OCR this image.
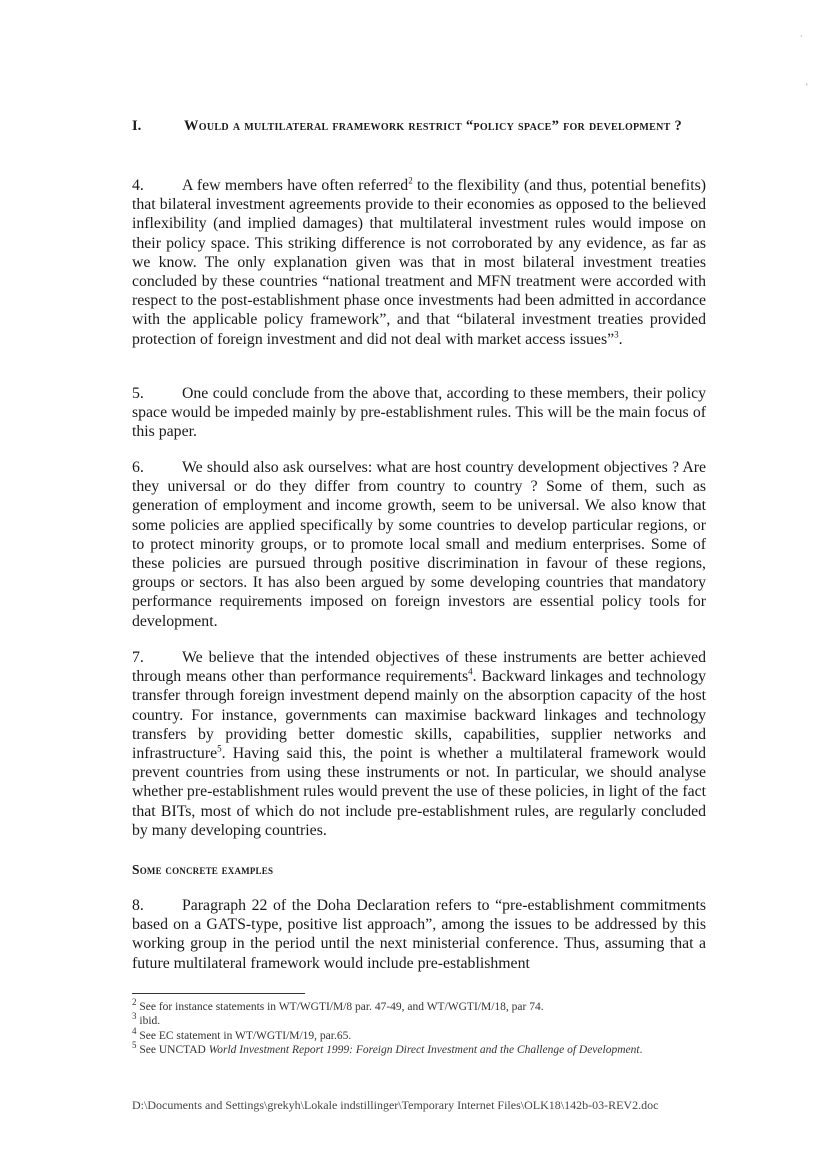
`
'
I.	Would a multilateral framework restrict “policy space” for development ?

4. A few members have often referred$^2$ to the flexibility (and thus, potential benefits) that bilateral investment agreements provide to their economies as opposed to the believed inflexibility (and implied damages) that multilateral investment rules would impose on their policy space. This striking difference is not corroborated by any evidence, as far as we know. The only explanation given was that in most bilateral investment treaties concluded by these countries “national treatment and MFN treatment were accorded with respect to the post-establishment phase once investments had been admitted in accordance with the applicable policy framework”, and that “bilateral investment treaties provided protection of foreign investment and did not deal with market access issues”$^3$.

5. One could conclude from the above that, according to these members, their policy space would be impeded mainly by pre-establishment rules. This will be the main focus of this paper.

6. We should also ask ourselves: what are host country development objectives ? Are they universal or do they differ from country to country ? Some of them, such as generation of employment and income growth, seem to be universal. We also know that some policies are applied specifically by some countries to develop particular regions, or to protect minority groups, or to promote local small and medium enterprises. Some of these policies are pursued through positive discrimination in favour of these regions, groups or sectors. It has also been argued by some developing countries that mandatory performance requirements imposed on foreign investors are essential policy tools for development.

7. We believe that the intended objectives of these instruments are better achieved through means other than performance requirements$^4$. Backward linkages and technology transfer through foreign investment depend mainly on the absorption capacity of the host country. For instance, governments can maximise backward linkages and technology transfers by providing better domestic skills, capabilities, supplier networks and infrastructure$^5$. Having said this, the point is whether a multilateral framework would prevent countries from using these instruments or not. In particular, we should analyse whether pre-establishment rules would prevent the use of these policies, in light of the fact that BITs, most of which do not include pre-establishment rules, are regularly concluded by many developing countries.

Some concrete examples

8. Paragraph 22 of the Doha Declaration refers to “pre-establishment commitments based on a GATS-type, positive list approach”, among the issues to be addressed by this working group in the period until the next ministerial conference. Thus, assuming that a future multilateral framework would include pre-establishment

$^2$ See for instance statements in WT/WGTI/M/8 par. 47-49, and WT/WGTI/M/18, par 74.

$^3$ ibid.

$^4$ See EC statement in WT/WGTI/M/19, par.65.

$^5$ See UNCTAD World Investment Report 1999: Foreign Direct Investment and the Challenge of Development.

D:\Documents and Settings\grekyh\Lokale indstillinger\Temporary Internet Files\OLK18\142b-03-REV2.doc
